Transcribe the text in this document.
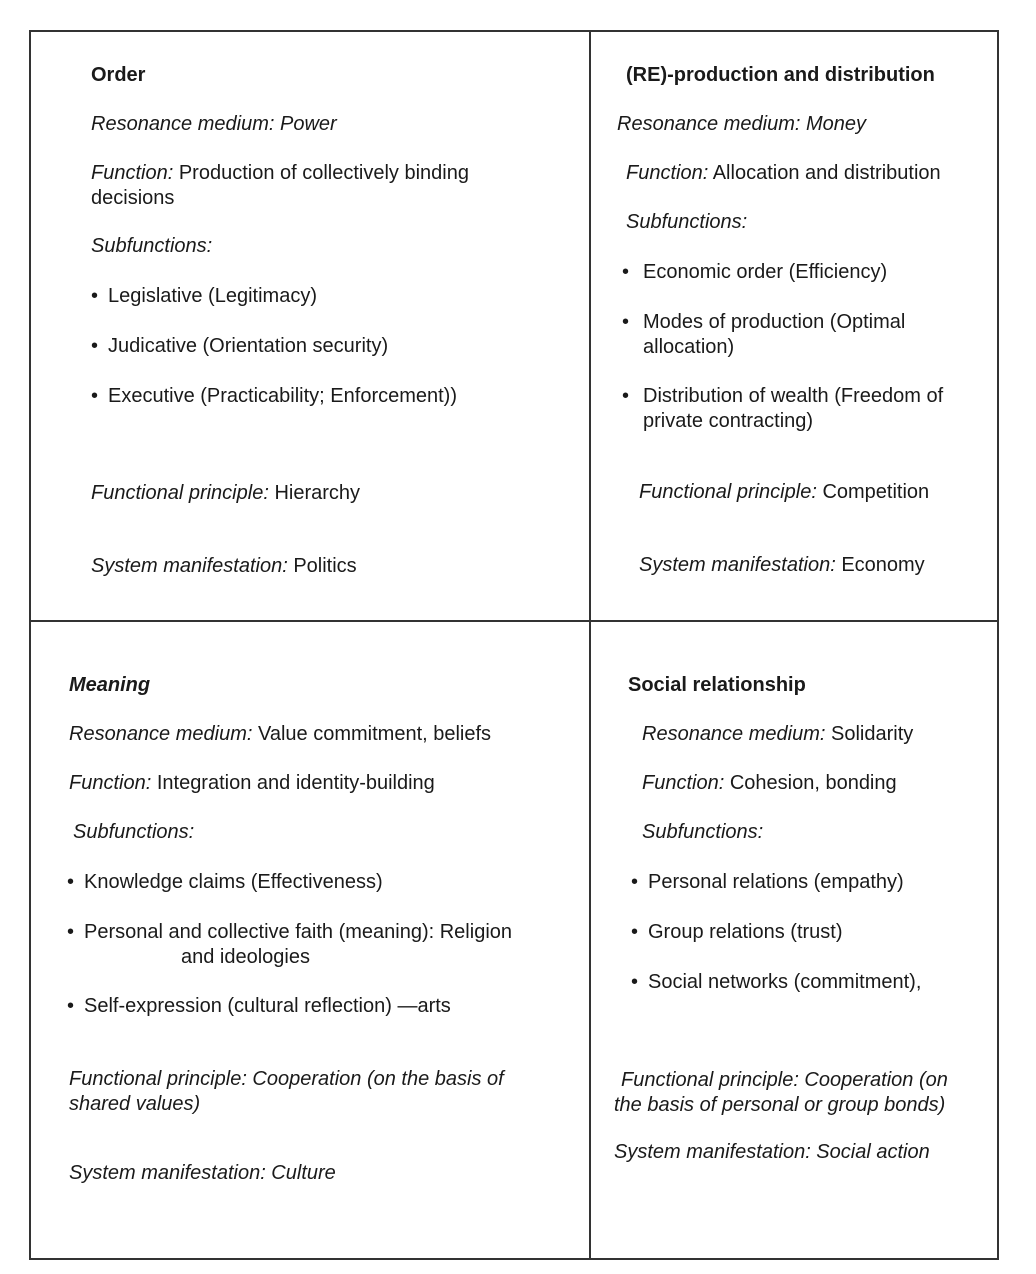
Order
Resonance medium: Power
Function: Production of collectively binding
decisions
Subfunctions:
• Legislative (Legitimacy)
• Judicative (Orientation security)
• Executive (Practicability; Enforcement))
Functional principle: Hierarchy
System manifestation: Politics
(RE)-production and distribution
Resonance medium: Money
Function: Allocation and distribution
Subfunctions:
• Economic order (Efficiency)
• Modes of production (Optimal
allocation)
• Distribution of wealth (Freedom of
private contracting)
Functional principle: Competition
System manifestation: Economy
Meaning
Resonance medium: Value commitment, beliefs
Function: Integration and identity-building
Subfunctions:
• Knowledge claims (Effectiveness)
• Personal and collective faith (meaning): Religion
and ideologies
• Self-expression (cultural reflection) —arts
Functional principle: Cooperation (on the basis of
shared values)
System manifestation: Culture
Social relationship
Resonance medium: Solidarity
Function: Cohesion, bonding
Subfunctions:
• Personal relations (empathy)
• Group relations (trust)
• Social networks (commitment),
Functional principle: Cooperation (on
the basis of personal or group bonds)
System manifestation: Social action
